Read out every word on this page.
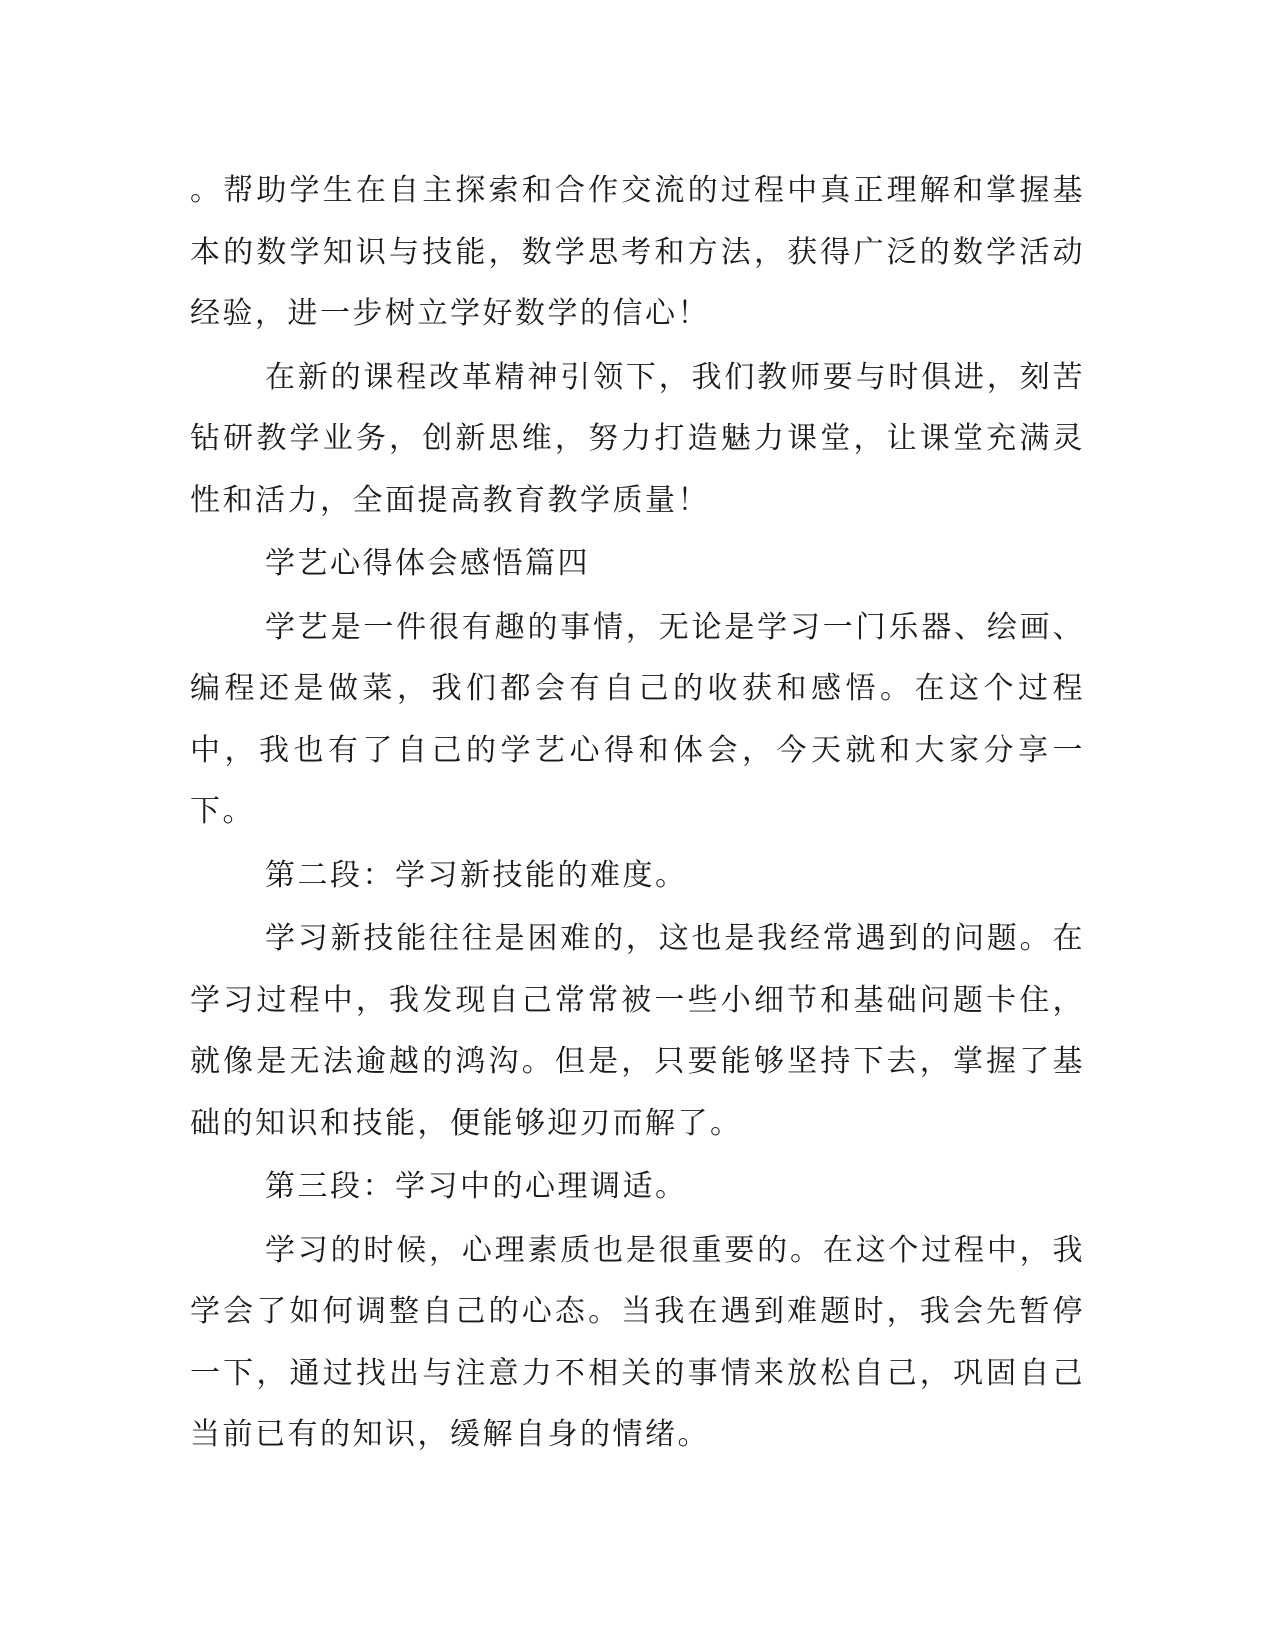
。帮助学生在自主探索和合作交流的过程中真正理解和掌握基本的数学知识与技能，数学思考和方法，获得广泛的数学活动经验，进一步树立学好数学的信心！

在新的课程改革精神引领下，我们教师要与时俱进，刻苦钻研教学业务，创新思维，努力打造魅力课堂，让课堂充满灵性和活力，全面提高教育教学质量！

学艺心得体会感悟篇四

学艺是一件很有趣的事情，无论是学习一门乐器、绘画、编程还是做菜，我们都会有自己的收获和感悟。在这个过程中，我也有了自己的学艺心得和体会，今天就和大家分享一下。

第二段：学习新技能的难度。

学习新技能往往是困难的，这也是我经常遇到的问题。在学习过程中，我发现自己常常被一些小细节和基础问题卡住，就像是无法逾越的鸿沟。但是，只要能够坚持下去，掌握了基础的知识和技能，便能够迎刃而解了。

第三段：学习中的心理调适。

学习的时候，心理素质也是很重要的。在这个过程中，我学会了如何调整自己的心态。当我在遇到难题时，我会先暂停一下，通过找出与注意力不相关的事情来放松自己，巩固自己当前已有的知识，缓解自身的情绪。
